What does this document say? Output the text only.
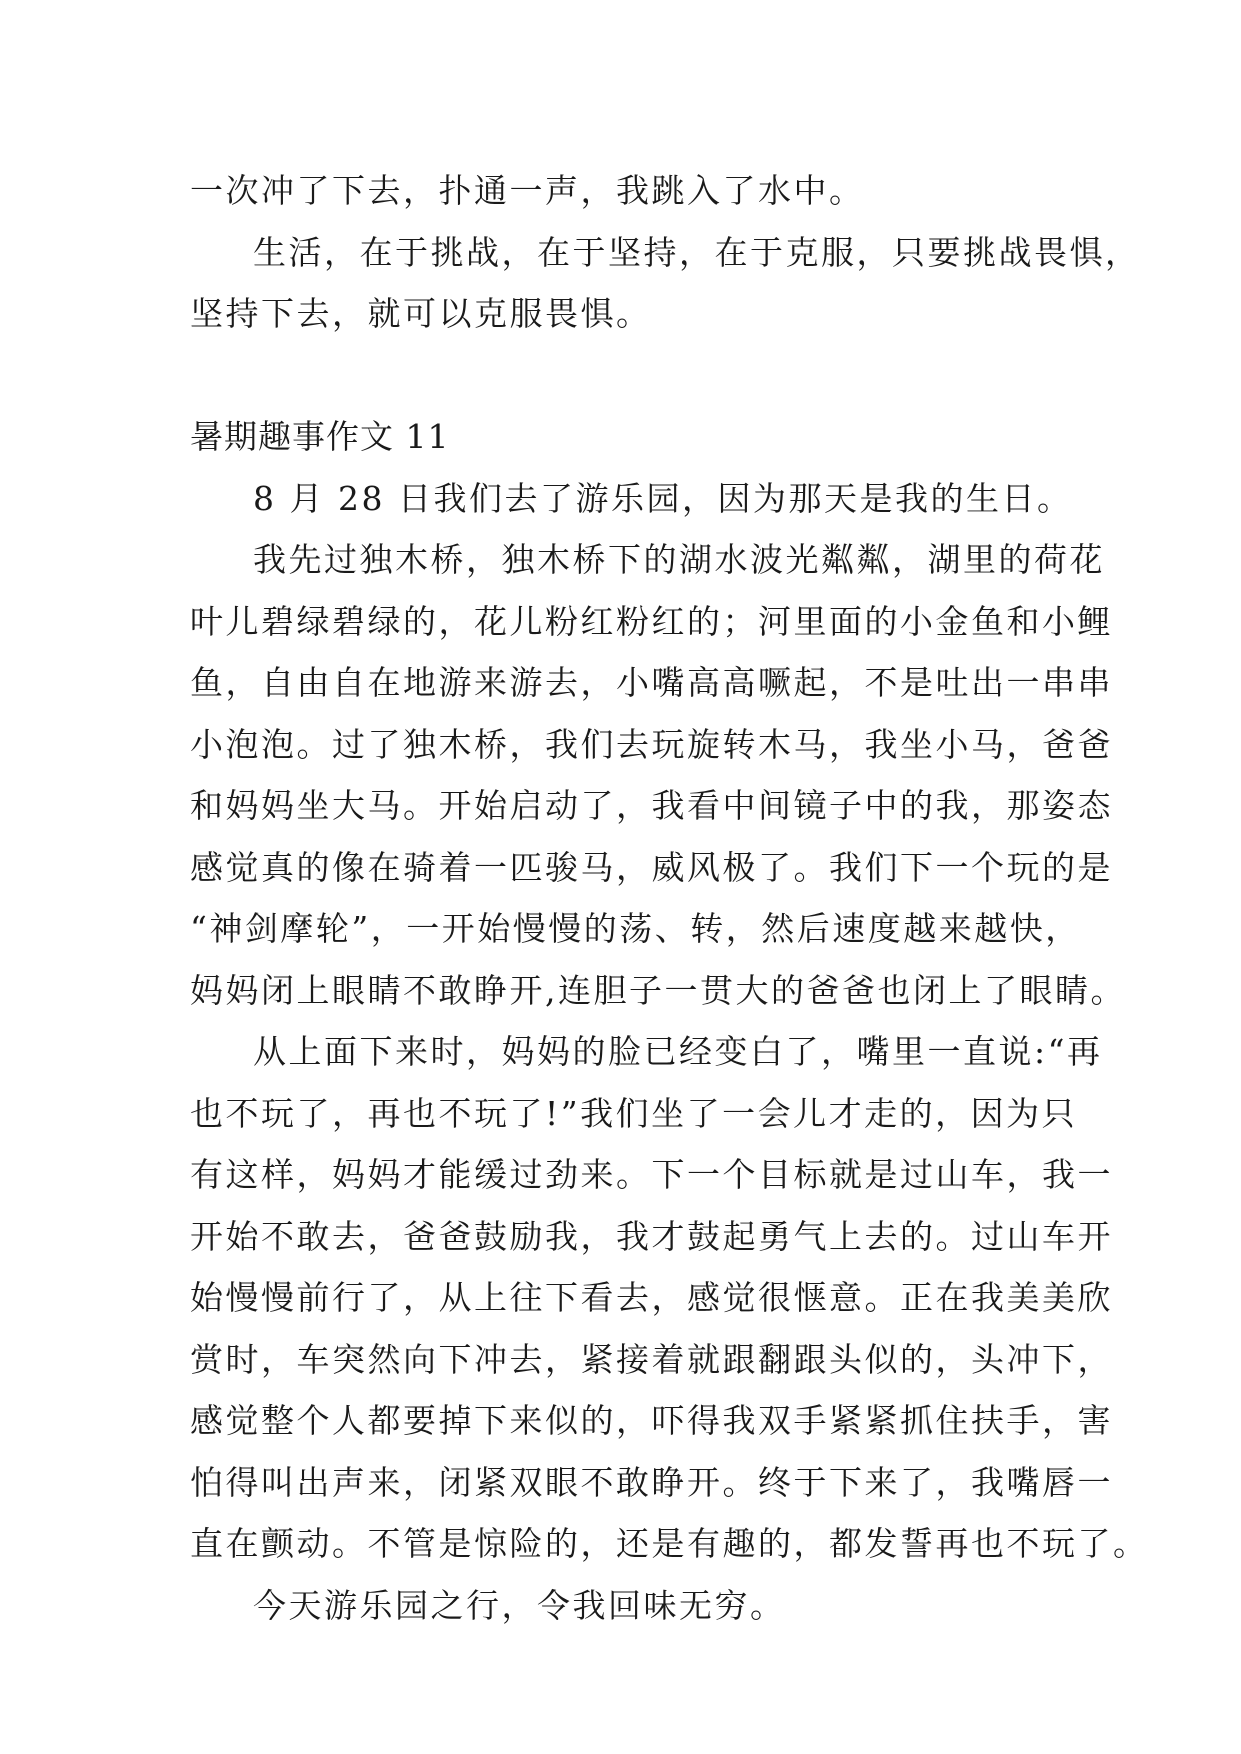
一次冲了下去，扑通一声，我跳入了水中。
生活，在于挑战，在于坚持，在于克服，只要挑战畏惧，
坚持下去，就可以克服畏惧。
暑期趣事作文 11
8 月 28 日我们去了游乐园，因为那天是我的生日。
我先过独木桥，独木桥下的湖水波光粼粼，湖里的荷花
叶儿碧绿碧绿的，花儿粉红粉红的；河里面的小金鱼和小鲤
鱼，自由自在地游来游去，小嘴高高噘起，不是吐出一串串
小泡泡。过了独木桥，我们去玩旋转木马，我坐小马，爸爸
和妈妈坐大马。开始启动了，我看中间镜子中的我，那姿态
感觉真的像在骑着一匹骏马，威风极了。我们下一个玩的是
“神剑摩轮”，一开始慢慢的荡、转，然后速度越来越快，
妈妈闭上眼睛不敢睁开,连胆子一贯大的爸爸也闭上了眼睛。
从上面下来时，妈妈的脸已经变白了，嘴里一直说:“再
也不玩了，再也不玩了!”我们坐了一会儿才走的，因为只
有这样，妈妈才能缓过劲来。下一个目标就是过山车，我一
开始不敢去，爸爸鼓励我，我才鼓起勇气上去的。过山车开
始慢慢前行了，从上往下看去，感觉很惬意。正在我美美欣
赏时，车突然向下冲去，紧接着就跟翻跟头似的，头冲下，
感觉整个人都要掉下来似的，吓得我双手紧紧抓住扶手，害
怕得叫出声来，闭紧双眼不敢睁开。终于下来了，我嘴唇一
直在颤动。不管是惊险的，还是有趣的，都发誓再也不玩了。
今天游乐园之行，令我回味无穷。
